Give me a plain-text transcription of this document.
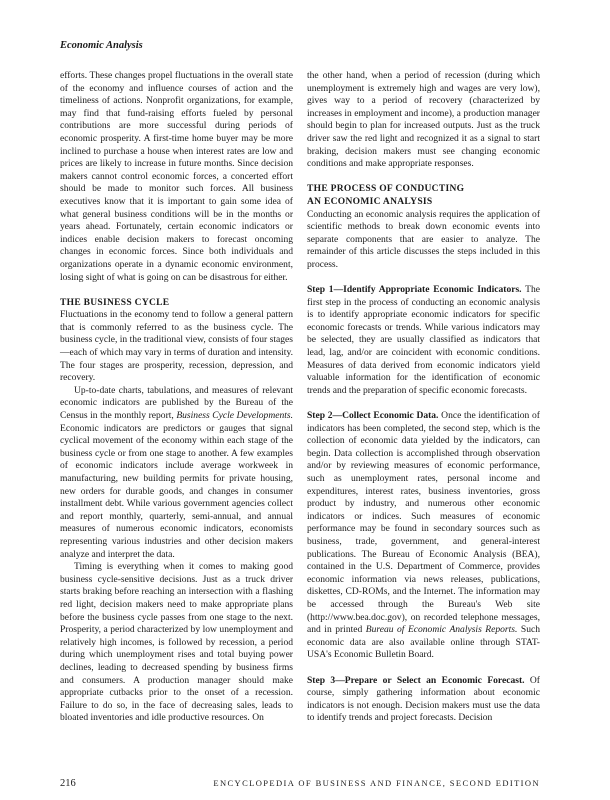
Economic Analysis

efforts. These changes propel fluctuations in the overall state of the economy and influence courses of action and the timeliness of actions. Nonprofit organizations, for example, may find that fund-raising efforts fueled by personal contributions are more successful during periods of economic prosperity. A first-time home buyer may be more inclined to purchase a house when interest rates are low and prices are likely to increase in future months. Since decision makers cannot control economic forces, a concerted effort should be made to monitor such forces. All business executives know that it is important to gain some idea of what general business conditions will be in the months or years ahead. Fortunately, certain economic indicators or indices enable decision makers to forecast oncoming changes in economic forces. Since both individuals and organizations operate in a dynamic economic environment, losing sight of what is going on can be disastrous for either.

THE BUSINESS CYCLE

Fluctuations in the economy tend to follow a general pattern that is commonly referred to as the business cycle. The business cycle, in the traditional view, consists of four stages—each of which may vary in terms of duration and intensity. The four stages are prosperity, recession, depression, and recovery.

Up-to-date charts, tabulations, and measures of relevant economic indicators are published by the Bureau of the Census in the monthly report, Business Cycle Developments. Economic indicators are predictors or gauges that signal cyclical movement of the economy within each stage of the business cycle or from one stage to another. A few examples of economic indicators include average workweek in manufacturing, new building permits for private housing, new orders for durable goods, and changes in consumer installment debt. While various government agencies collect and report monthly, quarterly, semi-annual, and annual measures of numerous economic indicators, economists representing various industries and other decision makers analyze and interpret the data.

Timing is everything when it comes to making good business cycle-sensitive decisions. Just as a truck driver starts braking before reaching an intersection with a flashing red light, decision makers need to make appropriate plans before the business cycle passes from one stage to the next. Prosperity, a period characterized by low unemployment and relatively high incomes, is followed by recession, a period during which unemployment rises and total buying power declines, leading to decreased spending by business firms and consumers. A production manager should make appropriate cutbacks prior to the onset of a recession. Failure to do so, in the face of decreasing sales, leads to bloated inventories and idle productive resources. On

the other hand, when a period of recession (during which unemployment is extremely high and wages are very low), gives way to a period of recovery (characterized by increases in employment and income), a production manager should begin to plan for increased outputs. Just as the truck driver saw the red light and recognized it as a signal to start braking, decision makers must see changing economic conditions and make appropriate responses.

THE PROCESS OF CONDUCTING
AN ECONOMIC ANALYSIS

Conducting an economic analysis requires the application of scientific methods to break down economic events into separate components that are easier to analyze. The remainder of this article discusses the steps included in this process.

Step 1—Identify Appropriate Economic Indicators. The first step in the process of conducting an economic analysis is to identify appropriate economic indicators for specific economic forecasts or trends. While various indicators may be selected, they are usually classified as indicators that lead, lag, and/or are coincident with economic conditions. Measures of data derived from economic indicators yield valuable information for the identification of economic trends and the preparation of specific economic forecasts.

Step 2—Collect Economic Data. Once the identification of indicators has been completed, the second step, which is the collection of economic data yielded by the indicators, can begin. Data collection is accomplished through observation and/or by reviewing measures of economic performance, such as unemployment rates, personal income and expenditures, interest rates, business inventories, gross product by industry, and numerous other economic indicators or indices. Such measures of economic performance may be found in secondary sources such as business, trade, government, and general-interest publications. The Bureau of Economic Analysis (BEA), contained in the U.S. Department of Commerce, provides economic information via news releases, publications, diskettes, CD-ROMs, and the Internet. The information may be accessed through the Bureau's Web site (http://www.bea.doc.gov), on recorded telephone messages, and in printed Bureau of Economic Analysis Reports. Such economic data are also available online through STAT-USA's Economic Bulletin Board.

Step 3—Prepare or Select an Economic Forecast. Of course, simply gathering information about economic indicators is not enough. Decision makers must use the data to identify trends and project forecasts. Decision

216	ENCYCLOPEDIA OF BUSINESS AND FINANCE, SECOND EDITION
